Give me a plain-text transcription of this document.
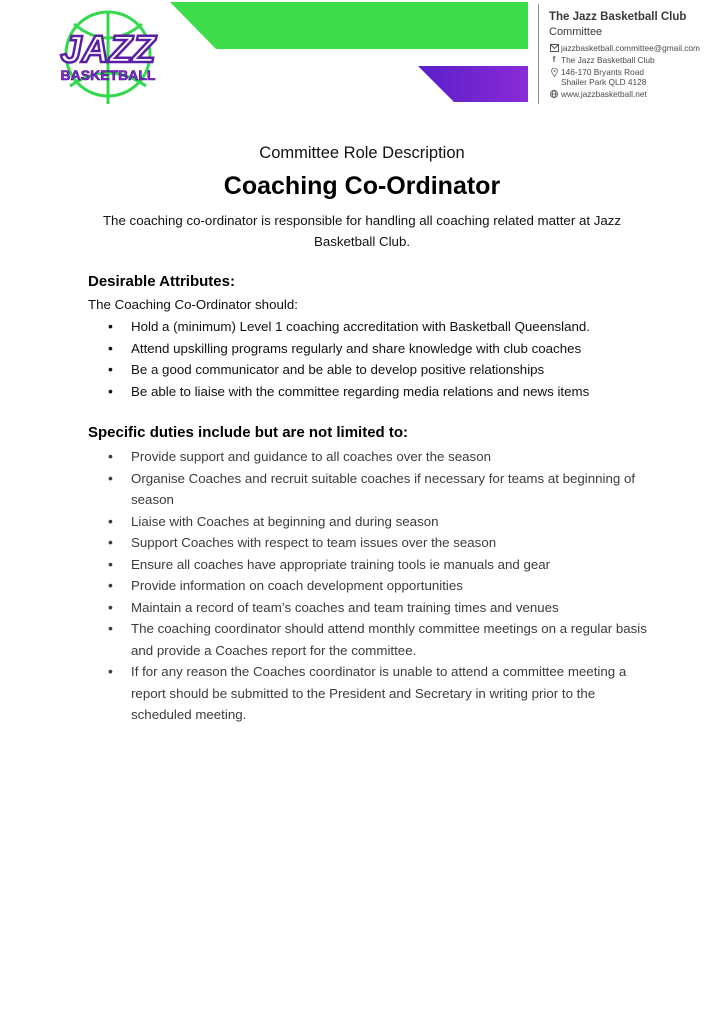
JAZZ
BASKETBALL
The Jazz Basketball Club
Committee
jazzbasketball.committee@gmail.com
f The Jazz Basketball Club
146-170 Bryants Road
Shailer Park QLD 4128
www.jazzbasketball.net
Committee Role Description
Coaching Co-Ordinator
The coaching co-ordinator is responsible for handling all coaching related matter at Jazz Basketball Club.
Desirable Attributes:
The Coaching Co-Ordinator should:
• Hold a (minimum) Level 1 coaching accreditation with Basketball Queensland.
• Attend upskilling programs regularly and share knowledge with club coaches
• Be a good communicator and be able to develop positive relationships
• Be able to liaise with the committee regarding media relations and news items
Specific duties include but are not limited to:
• Provide support and guidance to all coaches over the season
• Organise Coaches and recruit suitable coaches if necessary for teams at beginning of season
• Liaise with Coaches at beginning and during season
• Support Coaches with respect to team issues over the season
• Ensure all coaches have appropriate training tools ie manuals and gear
• Provide information on coach development opportunities
• Maintain a record of team’s coaches and team training times and venues
• The coaching coordinator should attend monthly committee meetings on a regular basis and provide a Coaches report for the committee.
• If for any reason the Coaches coordinator is unable to attend a committee meeting a report should be submitted to the President and Secretary in writing prior to the scheduled meeting.
